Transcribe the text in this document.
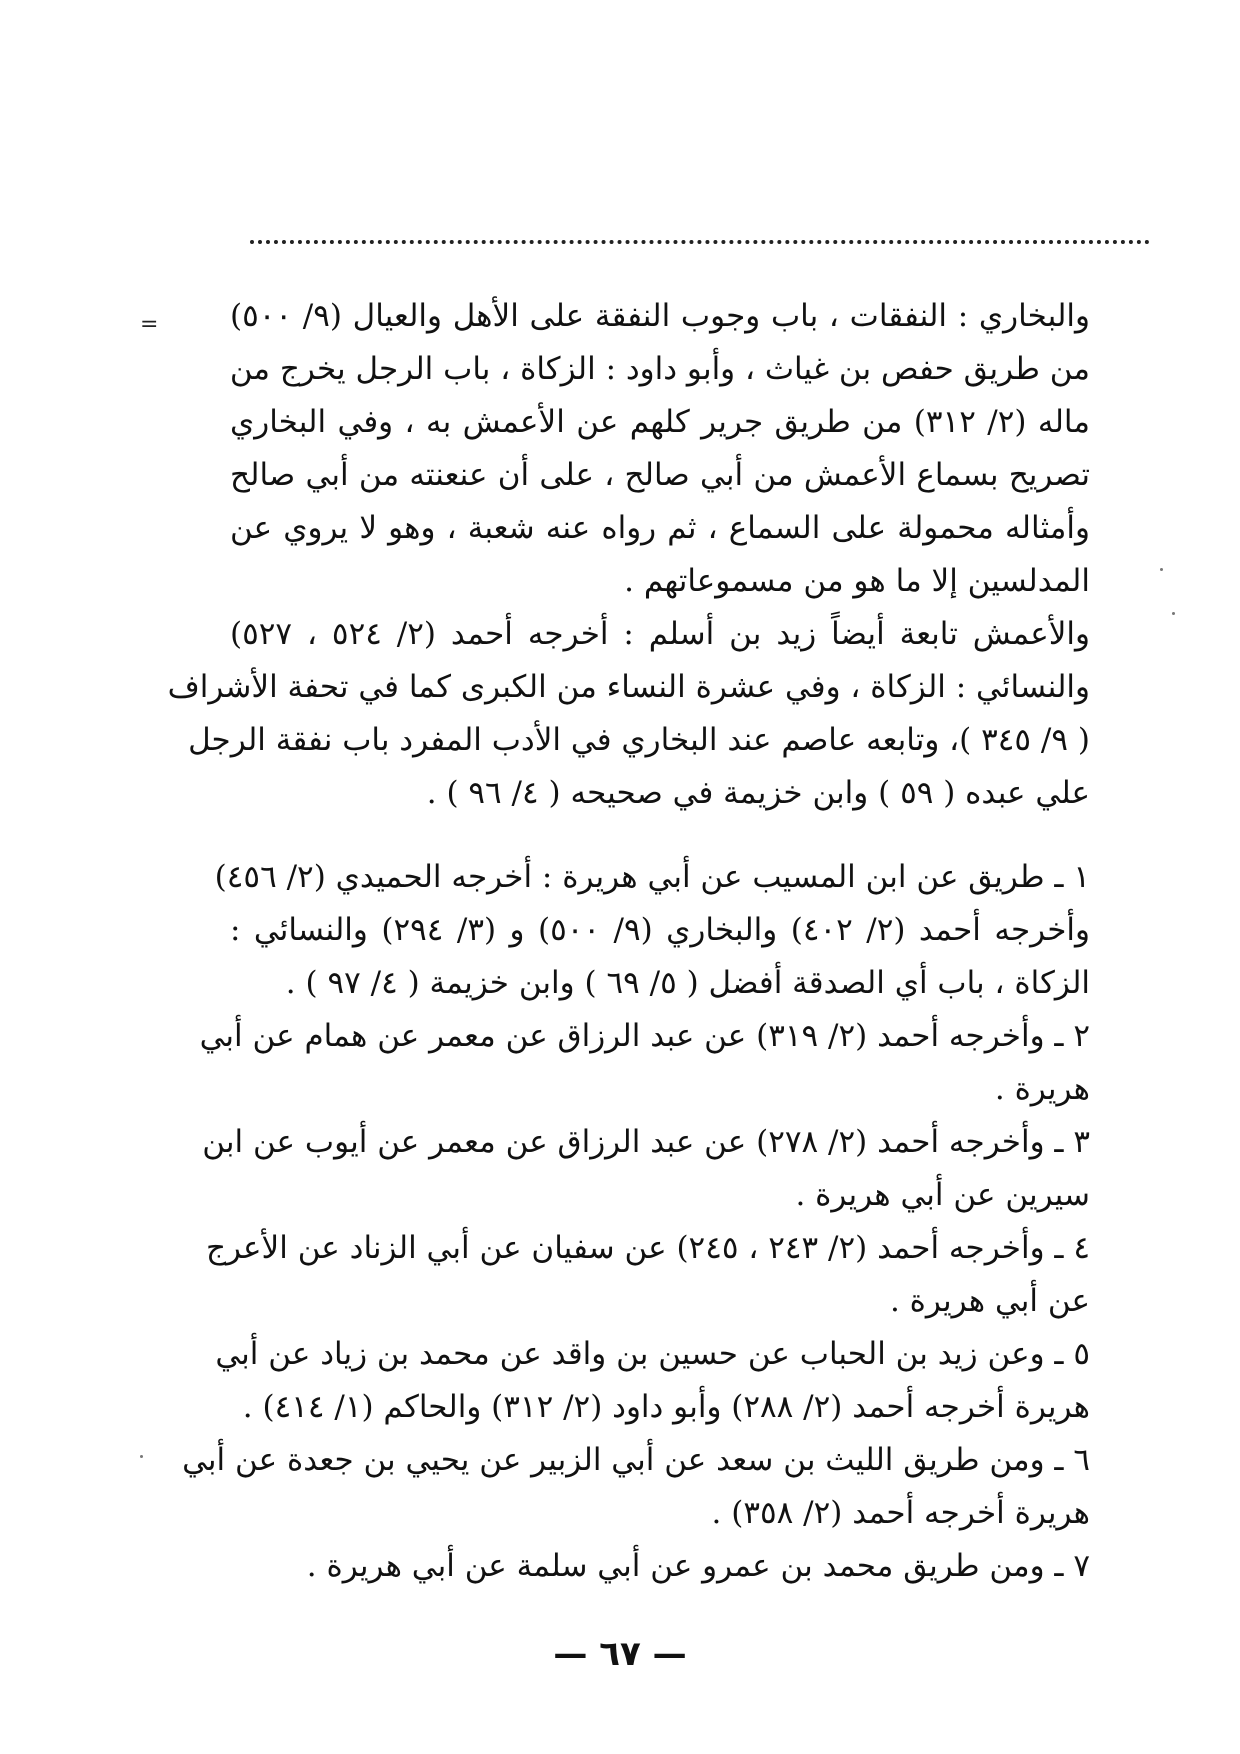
= والبخاري : النفقات ، باب وجوب النفقة على الأهل والعيال (٩/ ٥٠٠)
من طريق حفص بن غياث ، وأبو داود : الزكاة ، باب الرجل يخرج من
ماله (٢/ ٣١٢) من طريق جرير كلهم عن الأعمش به ، وفي البخاري
تصريح بسماع الأعمش من أبي صالح ، على أن عنعنته من أبي صالح
وأمثاله محمولة على السماع ، ثم رواه عنه شعبة ، وهو لا يروي عن
المدلسين إلا ما هو من مسموعاتهم .
والأعمش تابعة أيضاً زيد بن أسلم : أخرجه أحمد (٢/ ٥٢٤ ، ٥٢٧)
والنسائي : الزكاة ، وفي عشرة النساء من الكبرى كما في تحفة الأشراف
( ٩/ ٣٤٥ )، وتابعه عاصم عند البخاري في الأدب المفرد باب نفقة الرجل
علي عبده ( ٥٩ ) وابن خزيمة في صحيحه ( ٤/ ٩٦ ) .
١ ـ طريق عن ابن المسيب عن أبي هريرة : أخرجه الحميدي (٢/ ٤٥٦)
وأخرجه أحمد (٢/ ٤٠٢) والبخاري (٩/ ٥٠٠) و (٣/ ٢٩٤) والنسائي :
الزكاة ، باب أي الصدقة أفضل ( ٥/ ٦٩ ) وابن خزيمة ( ٤/ ٩٧ ) .
٢ ـ وأخرجه أحمد (٢/ ٣١٩) عن عبد الرزاق عن معمر عن همام عن أبي
هريرة .
٣ ـ وأخرجه أحمد (٢/ ٢٧٨) عن عبد الرزاق عن معمر عن أيوب عن ابن
سيرين عن أبي هريرة .
٤ ـ وأخرجه أحمد (٢/ ٢٤٣ ، ٢٤٥) عن سفيان عن أبي الزناد عن الأعرج
عن أبي هريرة .
٥ ـ وعن زيد بن الحباب عن حسين بن واقد عن محمد بن زياد عن أبي
هريرة أخرجه أحمد (٢/ ٢٨٨) وأبو داود (٢/ ٣١٢) والحاكم (١/ ٤١٤) .
٦ ـ ومن طريق الليث بن سعد عن أبي الزبير عن يحيي بن جعدة عن أبي
هريرة أخرجه أحمد (٢/ ٣٥٨) .
٧ ـ ومن طريق محمد بن عمرو عن أبي سلمة عن أبي هريرة .
— ٦٧ —
